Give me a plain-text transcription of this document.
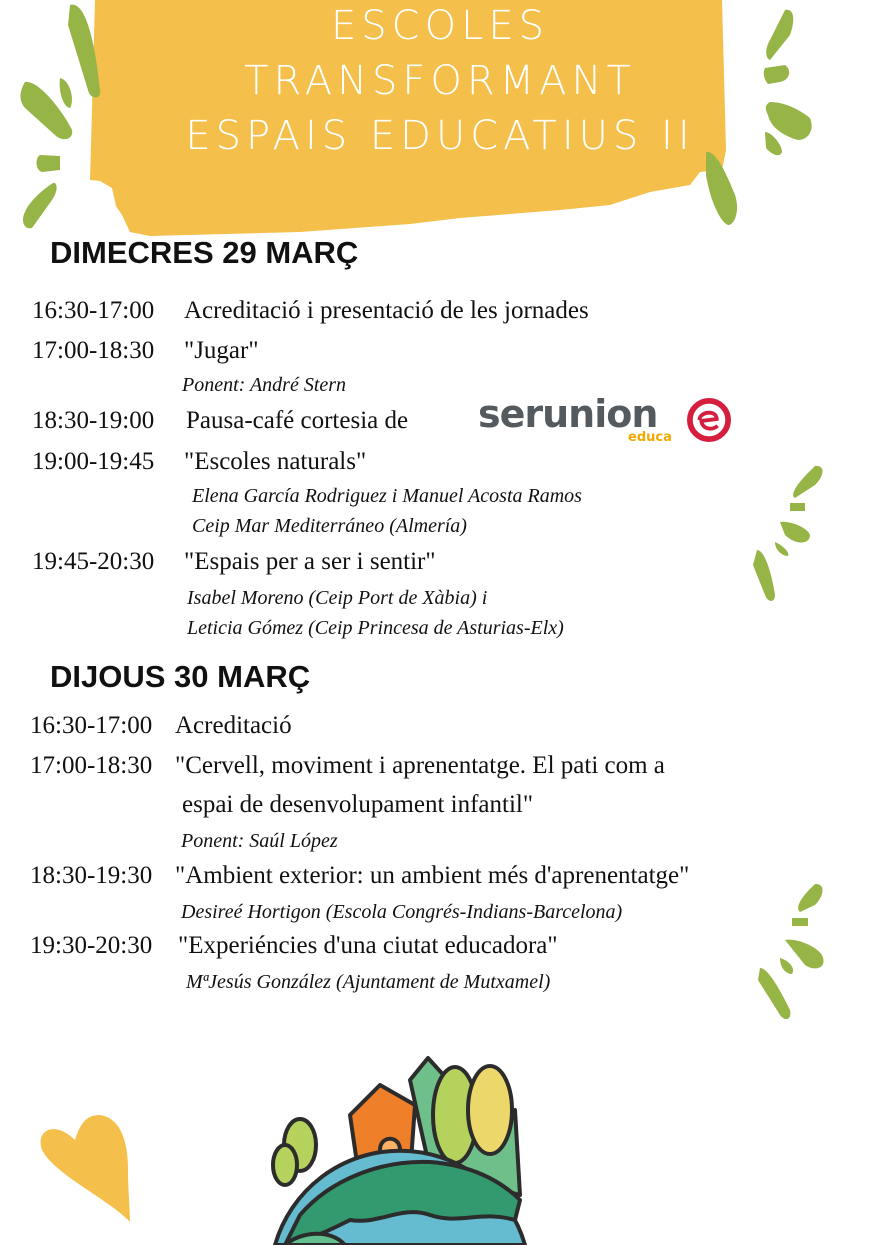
ESCOLES
TRANSFORMANT
ESPAIS EDUCATIUS II
DIMECRES 29 MARÇ
16:30-17:00 Acreditació i presentació de les jornades
17:00-18:30 "Jugar"
Ponent: André Stern
18:30-19:00 Pausa-café cortesia de serunion
educa
19:00-19:45 "Escoles naturals"
Elena García Rodriguez i Manuel Acosta Ramos
Ceip Mar Mediterráneo (Almería)
19:45-20:30 "Espais per a ser i sentir"
Isabel Moreno (Ceip Port de Xàbia) i
Leticia Gómez (Ceip Princesa de Asturias-Elx)
DIJOUS 30 MARÇ
16:30-17:00 Acreditació
17:00-18:30 "Cervell, moviment i aprenentatge. El pati com a
espai de desenvolupament infantil"
Ponent: Saúl López
18:30-19:30 "Ambient exterior: un ambient més d'aprenentatge"
Desireé Hortigon (Escola Congrés-Indians-Barcelona)
19:30-20:30 "Experiéncies d'una ciutat educadora"
MªJesús González (Ajuntament de Mutxamel)
